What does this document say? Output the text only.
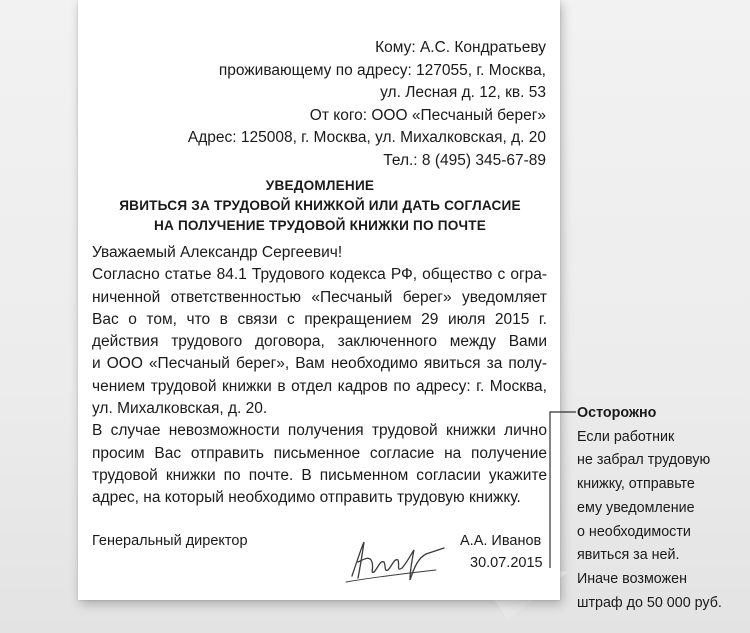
Кому: А.С. Кондратьеву
проживающему по адресу: 127055, г. Москва,
ул. Лесная д. 12, кв. 53
От кого: ООО «Песчаный берег»
Адрес: 125008, г. Москва, ул. Михалковская, д. 20
Тел.: 8 (495) 345-67-89
УВЕДОМЛЕНИЕ
ЯВИТЬСЯ ЗА ТРУДОВОЙ КНИЖКОЙ ИЛИ ДАТЬ СОГЛАСИЕ
НА ПОЛУЧЕНИЕ ТРУДОВОЙ КНИЖКИ ПО ПОЧТЕ
Уважаемый Александр Сергеевич!
Согласно статье 84.1 Трудового кодекса РФ, общество с огра-
ниченной ответственностью «Песчаный берег» уведомляет
Вас о том, что в связи с прекращением 29 июля 2015 г.
действия трудового договора, заключенного между Вами
и ООО «Песчаный берег», Вам необходимо явиться за полу-
чением трудовой книжки в отдел кадров по адресу: г. Москва,
ул. Михалковская, д. 20.
В случае невозможности получения трудовой книжки лично
просим Вас отправить письменное согласие на получение
трудовой книжки по почте. В письменном согласии укажите
адрес, на который необходимо отправить трудовую книжку.
Генеральный директор	А.А. Иванов
30.07.2015
Осторожно
Если работник
не забрал трудовую
книжку, отправьте
ему уведомление
о необходимости
явиться за ней.
Иначе возможен
штраф до 50 000 руб.
